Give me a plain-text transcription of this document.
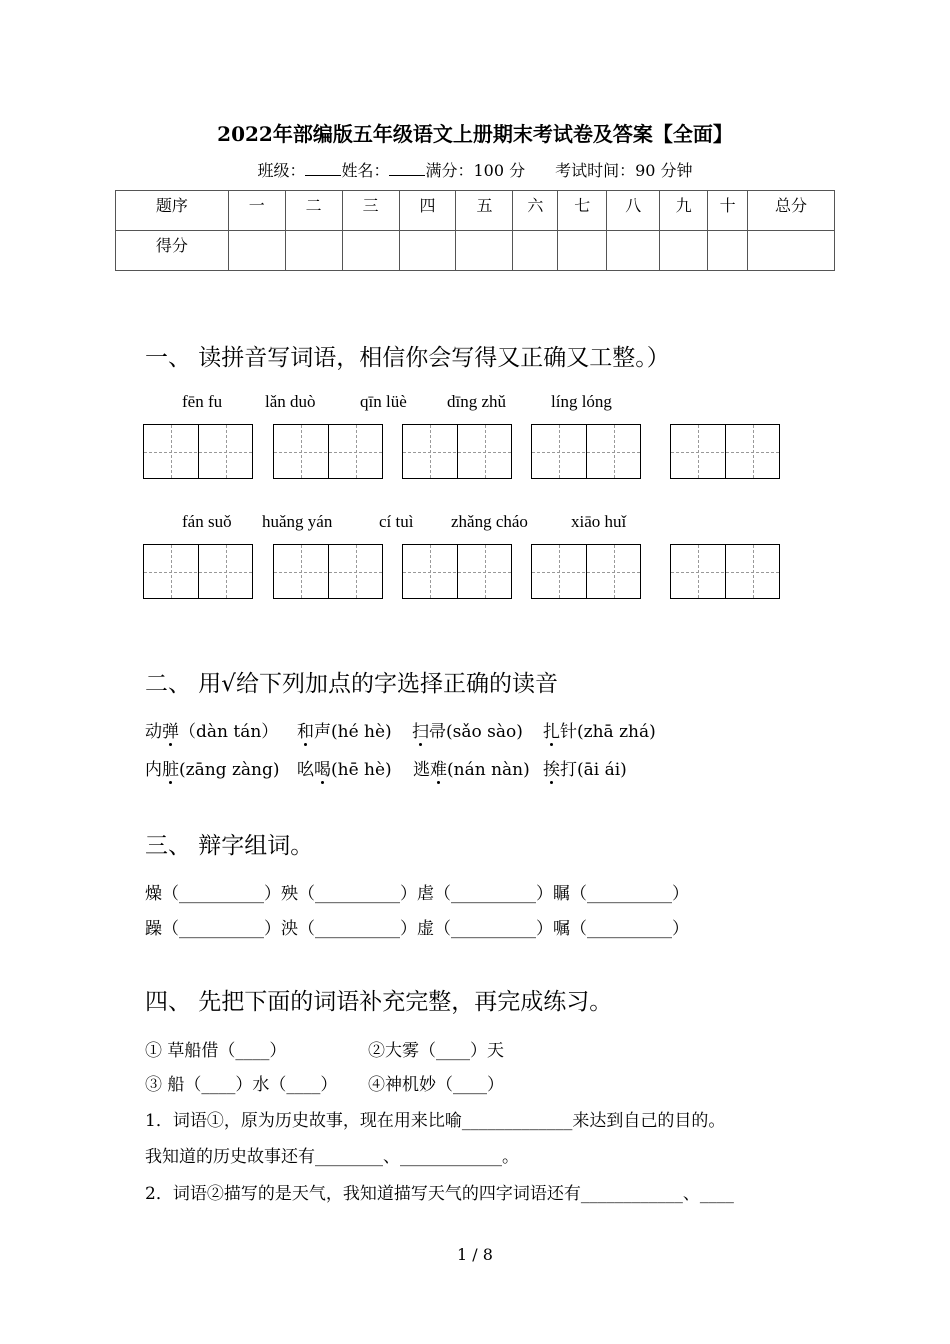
2022年部编版五年级语文上册期末考试卷及答案【全面】
班级： 姓名： 满分：100 分 考试时间：90 分钟
题序	一	二	三	四	五	六	七	八	九	十	总分
得分											
一、 读拼音写词语，相信你会写得又正确又工整。）
fēn fu	lǎn duò	qīn lüè dīng zhǔ	líng lóng
fán suǒ huǎng yán	cí tuì zhǎng cháo	xiāo huǐ
二、 用√给下列加点的字选择正确的读音
动弹（dàn tán） 和声(hé hè) 扫帚(sǎo sào) 扎针(zhā zhá)
内脏(zāng zàng) 吆喝(hē hè) 逃难(nán nàn) 挨打(āi ái)
三、 辩字组词。
燥（__________）殃（__________）虐（__________）瞩（__________）
躁（__________）泱（__________）虚（__________）嘱（__________）
四、 先把下面的词语补充完整，再完成练习。
① 草船借（____）	②大雾（____）天
③ 船（____）水（____） ④神机妙（____）
1．词语①，原为历史故事，现在用来比喻_____________来达到自己的目的。
我知道的历史故事还有________、____________。
2．词语②描写的是天气，我知道描写天气的四字词语还有____________、____
1 / 8
